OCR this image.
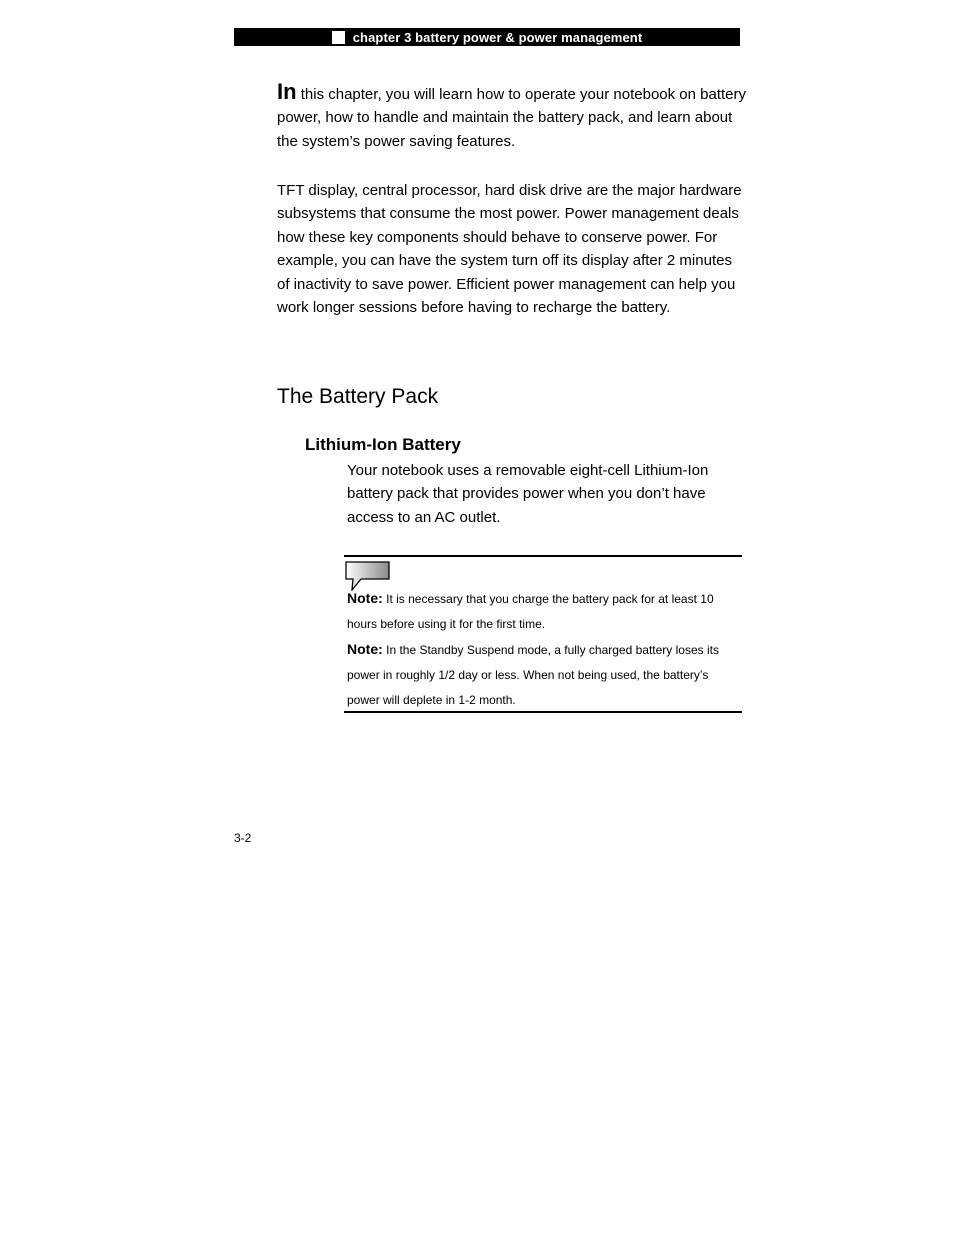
chapter 3 battery power & power management
In this chapter, you will learn how to operate your notebook on battery power, how to handle and maintain the battery pack, and learn about the system’s power saving features.
TFT display, central processor, hard disk drive are the major hardware subsystems that consume the most power. Power management deals how these key components should behave to conserve power. For example, you can have the system turn off its display after 2 minutes of inactivity to save power. Efficient power management can help you work longer sessions before having to recharge the battery.
The Battery Pack
Lithium-Ion Battery
Your notebook uses a removable eight-cell Lithium-Ion battery pack that provides power when you don’t have access to an AC outlet.
Note: It is necessary that you charge the battery pack for at least 10 hours before using it for the first time.
Note: In the Standby Suspend mode, a fully charged battery loses its power in roughly 1/2 day or less. When not being used, the battery’s power will deplete in 1-2 month.
3-2
